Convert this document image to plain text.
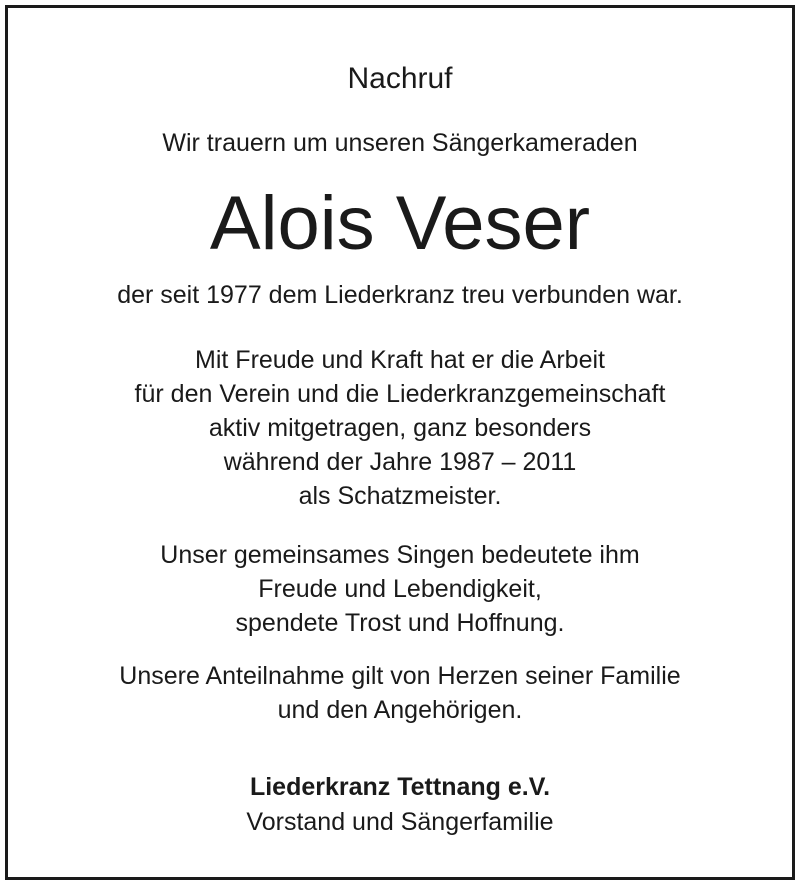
Nachruf
Wir trauern um unseren Sängerkameraden
Alois Veser
der seit 1977 dem Liederkranz treu verbunden war.
Mit Freude und Kraft hat er die Arbeit
für den Verein und die Liederkranzgemeinschaft
aktiv mitgetragen, ganz besonders
während der Jahre 1987 – 2011
als Schatzmeister.
Unser gemeinsames Singen bedeutete ihm
Freude und Lebendigkeit,
spendete Trost und Hoffnung.
Unsere Anteilnahme gilt von Herzen seiner Familie
und den Angehörigen.
Liederkranz Tettnang e.V.
Vorstand und Sängerfamilie
